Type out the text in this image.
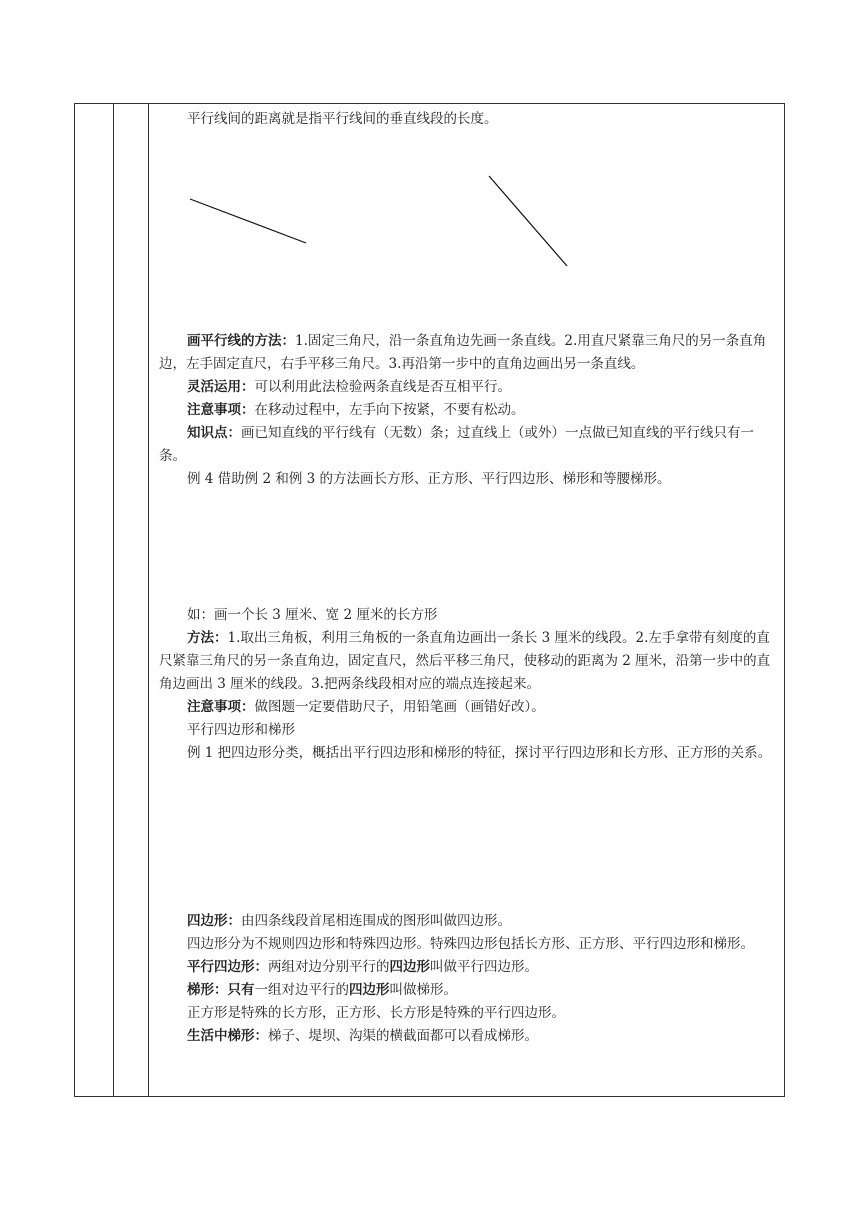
平行线间的距离就是指平行线间的垂直线段的长度。

画平行线的方法：1.固定三角尺，沿一条直角边先画一条直线。2.用直尺紧靠三角尺的另一条直角边，左手固定直尺，右手平移三角尺。3.再沿第一步中的直角边画出另一条直线。

灵活运用：可以利用此法检验两条直线是否互相平行。

注意事项：在移动过程中，左手向下按紧，不要有松动。

知识点：画已知直线的平行线有（无数）条；过直线上（或外）一点做已知直线的平行线只有一条。

例 4 借助例 2 和例 3 的方法画长方形、正方形、平行四边形、梯形和等腰梯形。

如：画一个长 3 厘米、宽 2 厘米的长方形

方法：1.取出三角板，利用三角板的一条直角边画出一条长 3 厘米的线段。2.左手拿带有刻度的直尺紧靠三角尺的另一条直角边，固定直尺，然后平移三角尺，使移动的距离为 2 厘米，沿第一步中的直角边画出 3 厘米的线段。3.把两条线段相对应的端点连接起来。

注意事项：做图题一定要借助尺子，用铅笔画（画错好改）。

平行四边形和梯形

例 1 把四边形分类，概括出平行四边形和梯形的特征，探讨平行四边形和长方形、正方形的关系。

四边形：由四条线段首尾相连围成的图形叫做四边形。

四边形分为不规则四边形和特殊四边形。特殊四边形包括长方形、正方形、平行四边形和梯形。

平行四边形：两组对边分别平行的四边形叫做平行四边形。

梯形：只有一组对边平行的四边形叫做梯形。

正方形是特殊的长方形，正方形、长方形是特殊的平行四边形。

生活中梯形：梯子、堤坝、沟渠的横截面都可以看成梯形。
